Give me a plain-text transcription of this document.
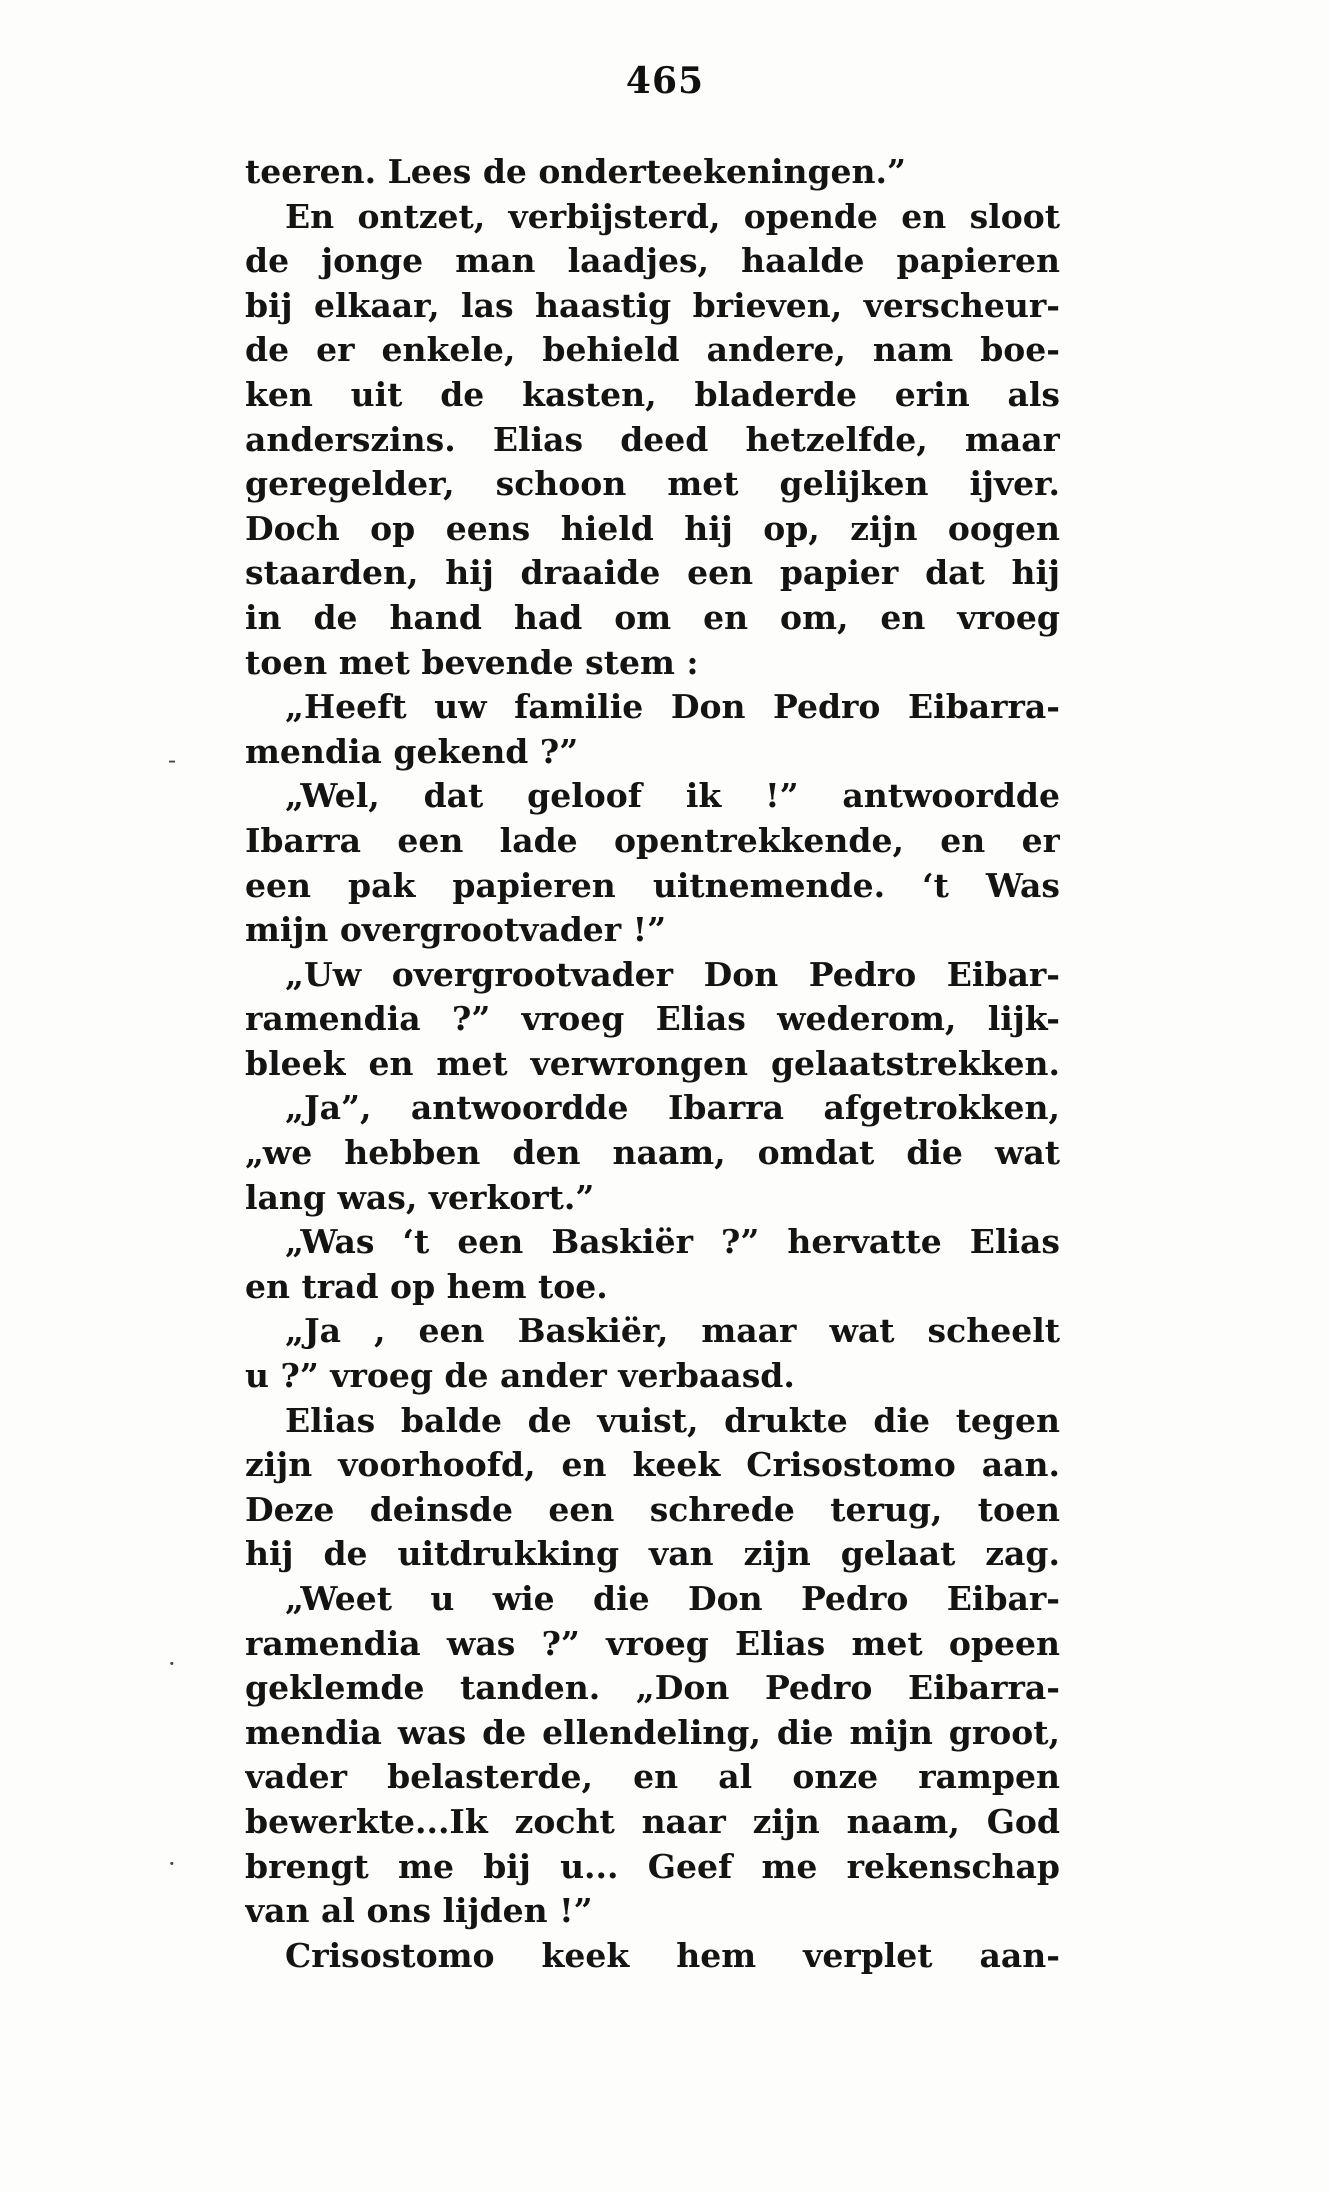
465
teeren. Lees de onderteekeningen.”
En ontzet, verbijsterd, opende en sloot
de jonge man laadjes, haalde papieren
bij elkaar, las haastig brieven, verscheur-
de er enkele, behield andere, nam boe-
ken uit de kasten, bladerde erin als
anderszins. Elias deed hetzelfde, maar
geregelder, schoon met gelijken ijver.
Doch op eens hield hij op, zijn oogen
staarden, hij draaide een papier dat hij
in de hand had om en om, en vroeg
toen met bevende stem :
„Heeft uw familie Don Pedro Eibarra-
mendia gekend ?”
„Wel, dat geloof ik !” antwoordde
Ibarra een lade opentrekkende, en er
een pak papieren uitnemende. ‘t Was
mijn overgrootvader !”
„Uw overgrootvader Don Pedro Eibar-
ramendia ?” vroeg Elias wederom, lijk-
bleek en met verwrongen gelaatstrekken.
„Ja”, antwoordde Ibarra afgetrokken,
„we hebben den naam, omdat die wat
lang was, verkort.”
„Was ‘t een Baskiër ?” hervatte Elias
en trad op hem toe.
„Ja , een Baskiër, maar wat scheelt
u ?” vroeg de ander verbaasd.
Elias balde de vuist, drukte die tegen
zijn voorhoofd, en keek Crisostomo aan.
Deze deinsde een schrede terug, toen
hij de uitdrukking van zijn gelaat zag.
„Weet u wie die Don Pedro Eibar-
ramendia was ?” vroeg Elias met opeen
geklemde tanden. „Don Pedro Eibarra-
mendia was de ellendeling, die mijn groot,
vader belasterde, en al onze rampen
bewerkte...Ik zocht naar zijn naam, God
brengt me bij u... Geef me rekenschap
van al ons lijden !”
Crisostomo keek hem verplet aan-
-
·
·
